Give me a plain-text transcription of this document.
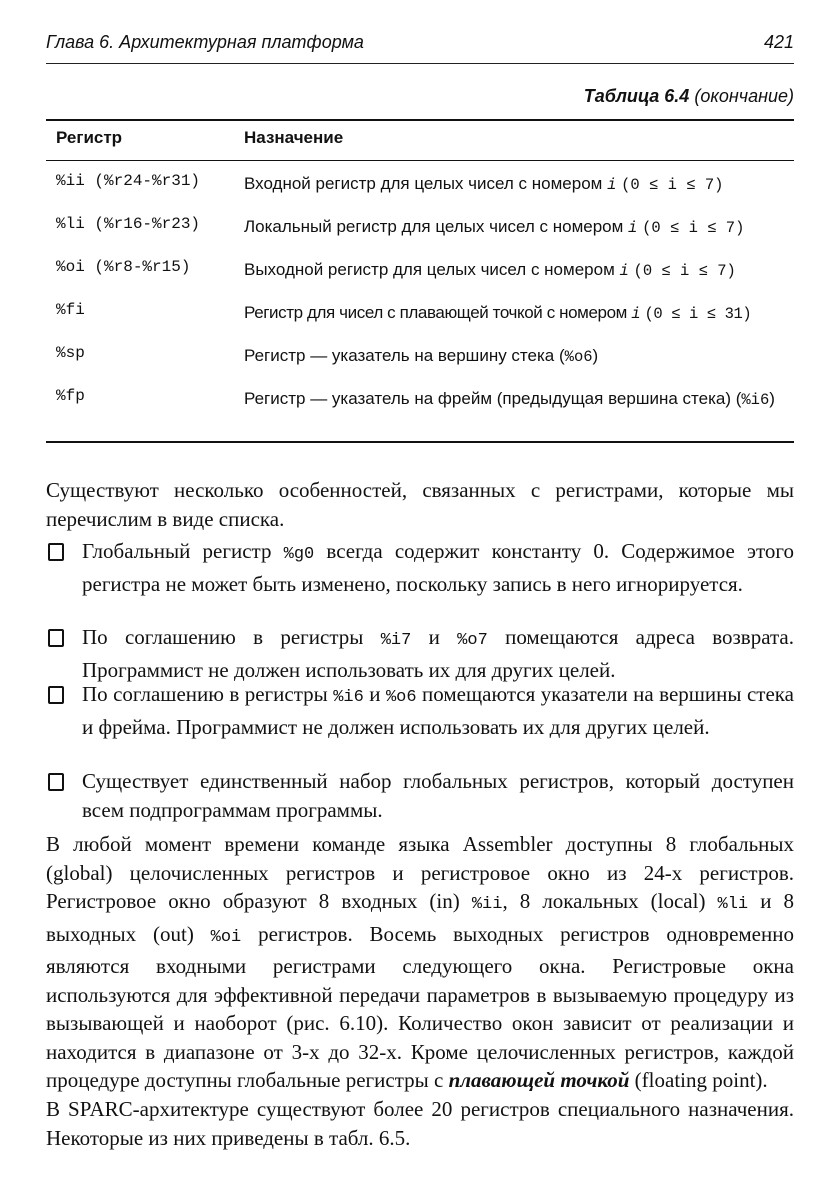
Глава 6. Архитектурная платформа	421
Таблица 6.4 (окончание)
Регистр	Назначение
%ii (%r24-%r31)	Входной регистр для целых чисел с номером i (0 ≤ i ≤ 7)
%li (%r16-%r23)	Локальный регистр для целых чисел с номером i (0 ≤ i ≤ 7)
%oi (%r8-%r15)	Выходной регистр для целых чисел с номером i (0 ≤ i ≤ 7)
%fi	Регистр для чисел с плавающей точкой с номером i (0 ≤ i ≤ 31)
%sp	Регистр — указатель на вершину стека (%o6)
%fp	Регистр — указатель на фрейм (предыдущая вершина стека) (%i6)
Существуют несколько особенностей, связанных с регистрами, которые мы перечислим в виде списка.
Глобальный регистр %g0 всегда содержит константу 0. Содержимое этого регистра не может быть изменено, поскольку запись в него игнорируется.
По соглашению в регистры %i7 и %o7 помещаются адреса возврата. Программист не должен использовать их для других целей.
По соглашению в регистры %i6 и %o6 помещаются указатели на вершины стека и фрейма. Программист не должен использовать их для других целей.
Существует единственный набор глобальных регистров, который доступен всем подпрограммам программы.
В любой момент времени команде языка Assembler доступны 8 глобальных (global) целочисленных регистров и регистровое окно из 24-х регистров. Регистровое окно образуют 8 входных (in) %ii, 8 локальных (local) %li и 8 выходных (out) %oi регистров. Восемь выходных регистров одновременно являются входными регистрами следующего окна. Регистровые окна используются для эффективной передачи параметров в вызываемую процедуру из вызывающей и наоборот (рис. 6.10). Количество окон зависит от реализации и находится в диапазоне от 3-х до 32-х. Кроме целочисленных регистров, каждой процедуре доступны глобальные регистры с плавающей точкой (floating point).
В SPARC-архитектуре существуют более 20 регистров специального назначения. Некоторые из них приведены в табл. 6.5.
